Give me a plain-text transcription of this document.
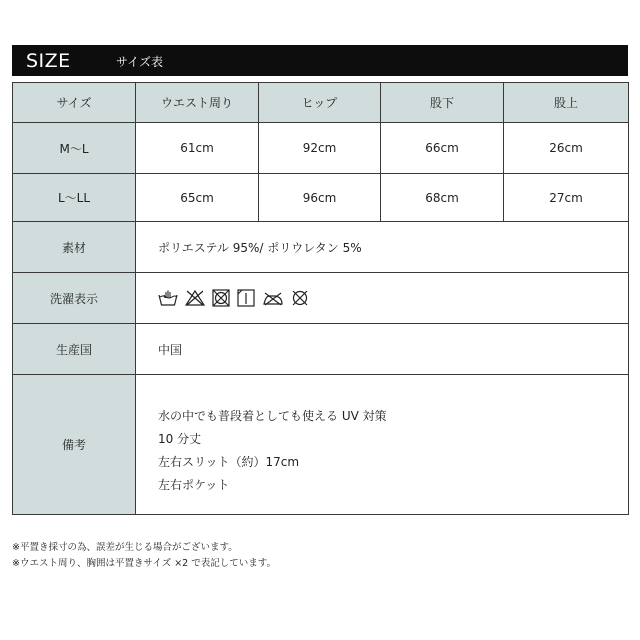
SIZE	サイズ表
サイズ	ウエスト周り	ヒップ	股下	股上
M〜L	61cm	92cm	66cm	26cm
L〜LL	65cm	96cm	68cm	27cm
素材	ポリエステル 95%/ ポリウレタン 5%			
洗濯表示	

生産国	中国			
備考	水の中でも普段着としても使える UV 対策
10 分丈
左右スリット（約）17cm
左右ポケット			
※平置き採寸の為、誤差が生じる場合がございます。
※ウエスト周り、胸囲は平置きサイズ ×2 で表記しています。
